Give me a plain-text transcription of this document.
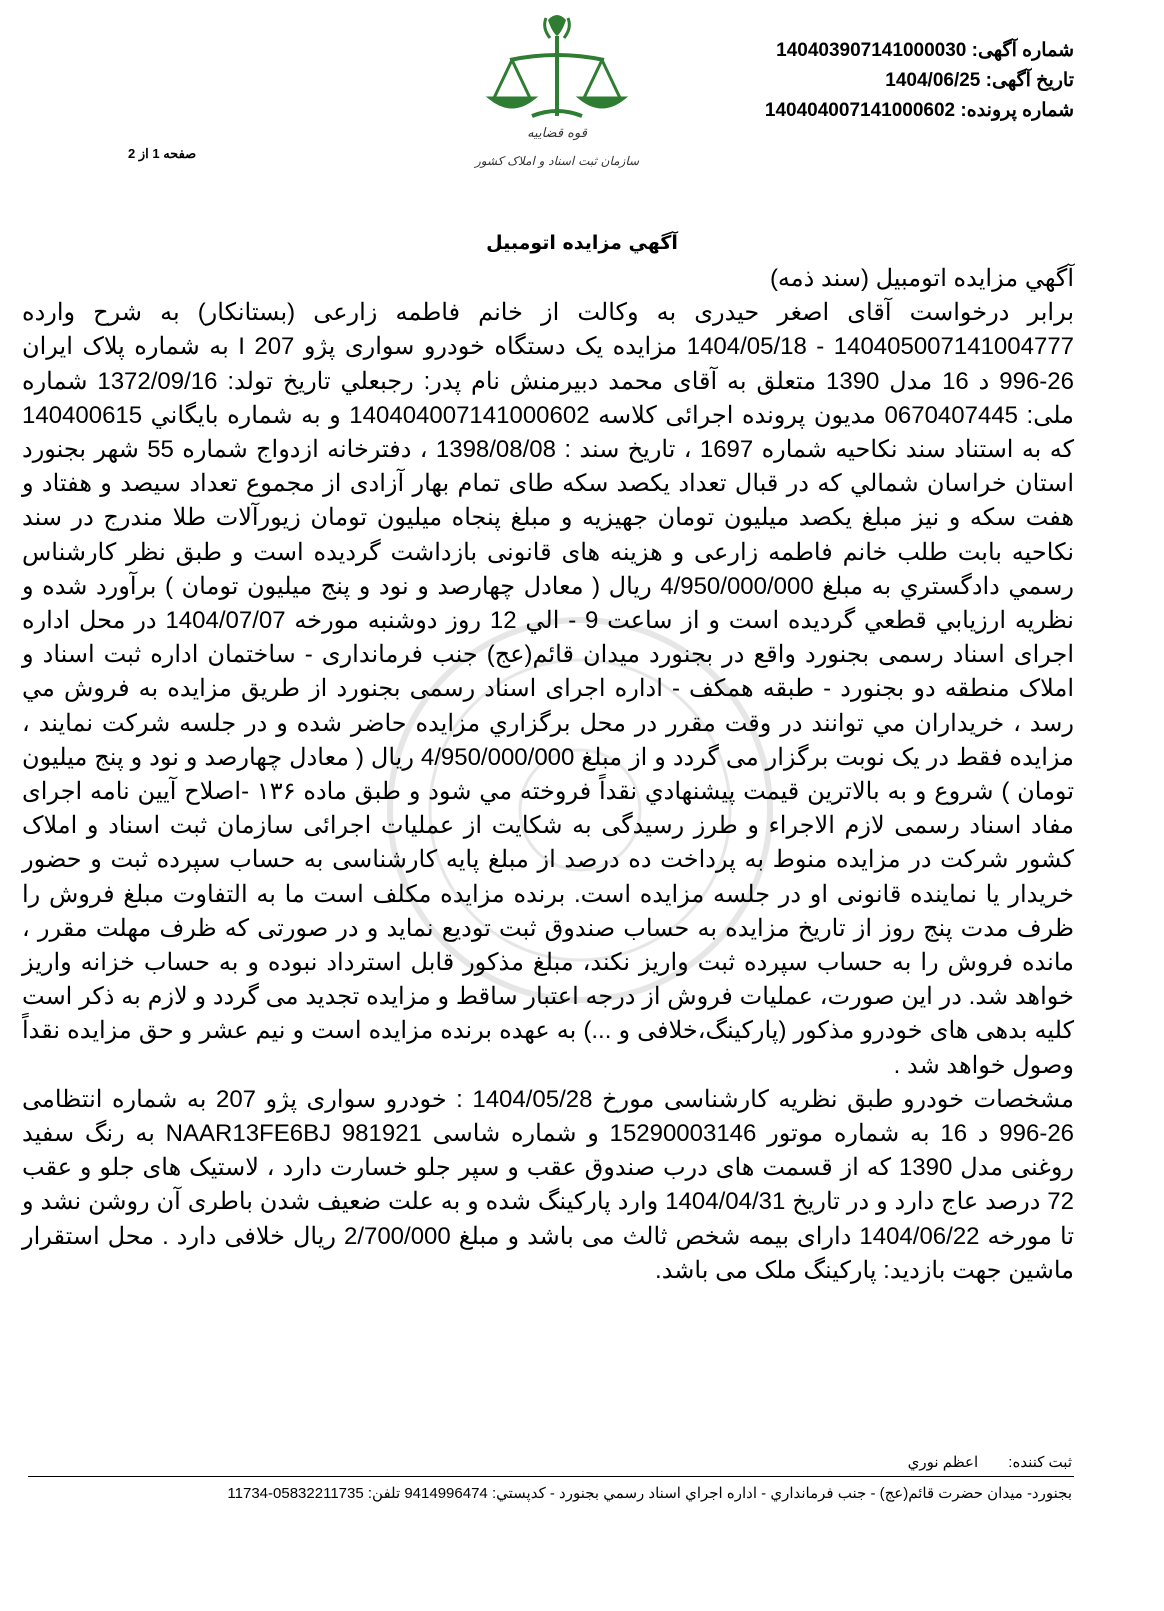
قوه قضاییه
سازمان ثبت اسناد و املاک کشور
شماره آگهی: 140403907141000030
تاریخ آگهی: 1404/06/25
شماره پرونده: 140404007141000602
صفحه 1 از 2
آگهي مزايده اتومبيل

آگهي مزايده اتومبيل (سند ذمه)

برابر درخواست آقای اصغر حیدری به وکالت از خانم فاطمه زارعی (بستانکار) به شرح وارده 140405007141004777 - 1404/05/18 مزایده یک دستگاه خودرو سواری پژو 207 I به شماره پلاک ایران 26-996 د 16 مدل 1390 متعلق به آقای محمد دبیرمنش نام پدر: رجبعلي تاريخ تولد: 1372/09/16 شماره ملی: 0670407445 مدیون پرونده اجرائی کلاسه 140404007141000602 و به شماره بايگاني 140400615 که به استناد سند نکاحیه شماره 1697 ، تاریخ سند : 1398/08/08 ، دفترخانه ازدواج شماره 55 شهر بجنورد استان خراسان شمالي که در قبال تعداد یکصد سکه طای تمام بهار آزادی از مجموع تعداد سیصد و هفتاد و هفت سکه و نیز مبلغ یکصد میلیون تومان جهیزیه و مبلغ پنجاه میلیون تومان زیورآلات طلا مندرج در سند نکاحیه بابت طلب خانم فاطمه زارعی و هزینه های قانونی بازداشت گردیده است و طبق نظر کارشناس رسمي دادگستري به مبلغ 4/950/000/000 ریال ( معادل چهارصد و نود و پنج میلیون تومان ) برآورد شده و نظريه ارزيابي قطعي گرديده است و از ساعت 9 - الي 12 روز دوشنبه مورخه 1404/07/07 در محل اداره اجرای اسناد رسمی بجنورد واقع در بجنورد میدان قائم(عج) جنب فرمانداری - ساختمان اداره ثبت اسناد و املاک منطقه دو بجنورد - طبقه همکف - اداره اجرای اسناد رسمی بجنورد از طريق مزايده به فروش مي رسد ، خريداران مي توانند در وقت مقرر در محل برگزاري مزايده حاضر شده و در جلسه شرکت نمايند ، مزایده فقط در یک نوبت برگزار می گردد و از مبلغ 4/950/000/000 ریال ( معادل چهارصد و نود و پنج میلیون تومان ) شروع و به بالاترين قيمت پيشنهادي نقداً فروخته مي شود و طبق ماده ۱۳۶ -اصلاح آیین نامه اجرای مفاد اسناد رسمی لازم الاجراء و طرز رسیدگی به شکایت از عملیات اجرائی سازمان ثبت اسناد و املاک کشور شرکت در مزایده منوط به پرداخت ده درصد از مبلغ پایه کارشناسی به حساب سپرده ثبت و حضور خریدار یا نماینده قانونی او در جلسه مزایده است. برنده مزایده مکلف است ما به التفاوت مبلغ فروش را ظرف مدت پنج روز از تاریخ مزایده به حساب صندوق ثبت تودیع نماید و در صورتی که ظرف مهلت مقرر ، مانده فروش را به حساب سپرده ثبت واریز نکند، مبلغ مذکور قابل استرداد نبوده و به حساب خزانه واریز خواهد شد. در این صورت، عملیات فروش از درجه اعتبار ساقط و مزایده تجدید می گردد و لازم به ذکر است کلیه بدهی های خودرو مذکور (پارکینگ،خلافی و ...) به عهده برنده مزایده است و نیم عشر و حق مزایده نقداً وصول خواهد شد .

مشخصات خودرو طبق نظریه کارشناسی مورخ 1404/05/28 : خودرو سواری پژو 207 به شماره انتظامی 26-996 د 16 به شماره موتور 15290003146 و شماره شاسی NAAR13FE6BJ 981921 به رنگ سفید روغنی مدل 1390 که از قسمت های درب صندوق عقب و سپر جلو خسارت دارد ، لاستیک های جلو و عقب 72 درصد عاج دارد و در تاریخ 1404/04/31 وارد پارکینگ شده و به علت ضعیف شدن باطری آن روشن نشد و تا مورخه 1404/06/22 دارای بیمه شخص ثالث می باشد و مبلغ 2/700/000 ریال خلافی دارد . محل استقرار ماشین جهت بازدید: پارکینگ ملک می باشد.

ثبت كننده: اعظم نوري
بجنورد- ميدان حضرت قائم(عج) - جنب فرمانداري - اداره اجراي اسناد رسمي بجنورد - كدپستي: 9414996474 تلفن: 05832211735-11734
